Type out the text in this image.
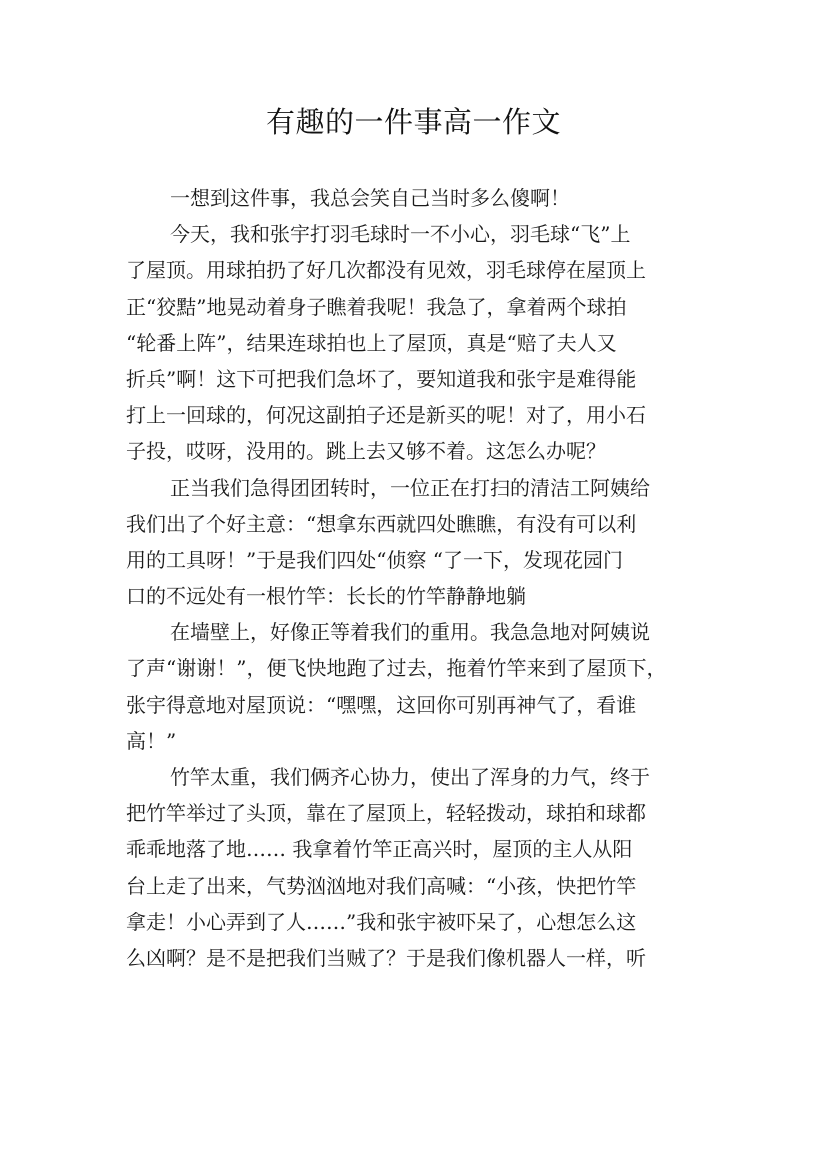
有趣的一件事高一作文
一想到这件事，我总会笑自己当时多么傻啊！
今天，我和张宇打羽毛球时一不小心，羽毛球“飞”上
了屋顶。用球拍扔了好几次都没有见效，羽毛球停在屋顶上
正“狡黠”地晃动着身子瞧着我呢！我急了，拿着两个球拍
“轮番上阵”，结果连球拍也上了屋顶，真是“赔了夫人又
折兵”啊！这下可把我们急坏了，要知道我和张宇是难得能
打上一回球的，何况这副拍子还是新买的呢！对了，用小石
子投，哎呀，没用的。跳上去又够不着。这怎么办呢？
正当我们急得团团转时，一位正在打扫的清洁工阿姨给
我们出了个好主意：“想拿东西就四处瞧瞧，有没有可以利
用的工具呀！”于是我们四处“侦察 “了一下，发现花园门
口的不远处有一根竹竿：长长的竹竿静静地躺
在墙壁上，好像正等着我们的重用。我急急地对阿姨说
了声“谢谢！”，便飞快地跑了过去，拖着竹竿来到了屋顶下，
张宇得意地对屋顶说：“嘿嘿，这回你可别再神气了，看谁
高！”
竹竿太重，我们俩齐心协力，使出了浑身的力气，终于
把竹竿举过了头顶，靠在了屋顶上，轻轻拨动，球拍和球都
乖乖地落了地…… 我拿着竹竿正高兴时，屋顶的主人从阳
台上走了出来，气势汹汹地对我们高喊：“小孩，快把竹竿
拿走！小心弄到了人……”我和张宇被吓呆了，心想怎么这
么凶啊？是不是把我们当贼了？于是我们像机器人一样，听
